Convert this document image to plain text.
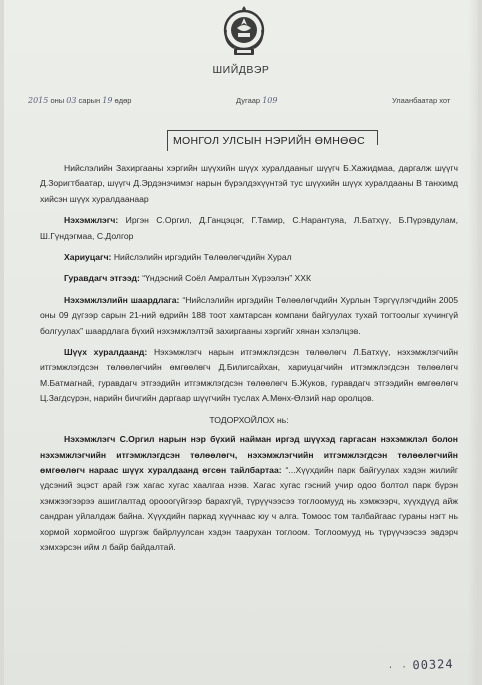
ШИЙДВЭР
2015 оны 03 сарын 19 өдөр	Дугаар 109	Улаанбаатар хот
МОНГОЛ УЛСЫН НЭРИЙН ӨМНӨӨС

Нийслэлийн Захиргааны хэргийн шүүхийн шүүх хуралдааныг шүүгч Б.Хажидмаа, даргалж шүүгч Д.Зоригтбаатар, шүүгч Д.Эрдэнэчимэг нарын бүрэлдэхүүнтэй тус шүүхийн шүүх хуралдааны В танхимд хийсэн шүүх хуралдаанаар

Нэхэмжлэгч: Иргэн С.Оргил, Д.Ганцэцэг, Г.Тамир, С.Нарантуяа, Л.Батхүү, Б.Пүрэвдулам, Ш.Гүндэгмаа, С.Долгор

Хариуцагч: Нийслэлийн иргэдийн Төлөөлөгчдийн Хурал

Гуравдагч этгээд: “Үндэсний Соёл Амралтын Хүрээлэн” ХХК

Нэхэмжлэлийн шаардлага: “Нийслэлийн иргэдийн Төлөөлөгчдийн Хурлын Тэргүүлэгчдийн 2005 оны 09 дүгээр сарын 21-ний өдрийн 188 тоот хамтарсан компани байгуулах тухай тогтоолыг хүчингүй болгуулах” шаардлага бүхий нэхэмжлэлтэй захиргааны хэргийг хянан хэлэлцэв.

Шүүх хуралдаанд: Нэхэмжлэгч нарын итгэмжлэгдсэн төлөөлөгч Л.Батхүү, нэхэмжлэгчийн итгэмжлэгдсэн төлөөлөгчийн өмгөөлөгч Д.Билигсайхан, хариуцагчийн итгэмжлэгдсэн төлөөлөгч М.Батмагнай, гуравдагч этгээдийн итгэмжлэгдсэн төлөөлөгч Б.Жуков, гуравдагч этгээдийн өмгөөлөгч Ц.Загдсүрэн, нарийн бичгийн даргаар шүүгчийн туслах А.Мөнх-Өлзий нар оролцов.

ТОДОРХОЙЛОХ нь:

Нэхэмжлэгч С.Оргил нарын нэр бүхий найман иргэд шүүхэд гаргасан нэхэмжлэл болон нэхэмжлэгчийн итгэмжлэгдсэн төлөөлөгч, нэхэмжлэгчийн итгэмжлэгдсэн төлөөлөгчийн өмгөөлөгч нараас шүүх хуралдаанд өгсөн тайлбартаа: “...Хүүхдийн парк байгуулах хэдэн жилийг үдсэний эцэст арай гэж хагас хугас хаалгаа нээв. Хагас хугас гэсний учир одоо болтол парк бүрэн хэмжээгээрээ ашиглалтад орооогүйгээр барахгүй, түрүүчээсээ тоглоомууд нь хэмжээрч, хүүхдүүд айж сандран уйлалдаж байна. Хүүхдийн паркад хүүчнаас юу ч алга. Томоос том талбайгааc гураны нэгт нь хормой хормойгоо шүргэж байрлуулсан хэдэн таарухан тоглоом. Тоглоомууд нь түрүүчээсээ эвдэрч хэмхэрсэн ийм л байр байдалтай.

· · 00324
